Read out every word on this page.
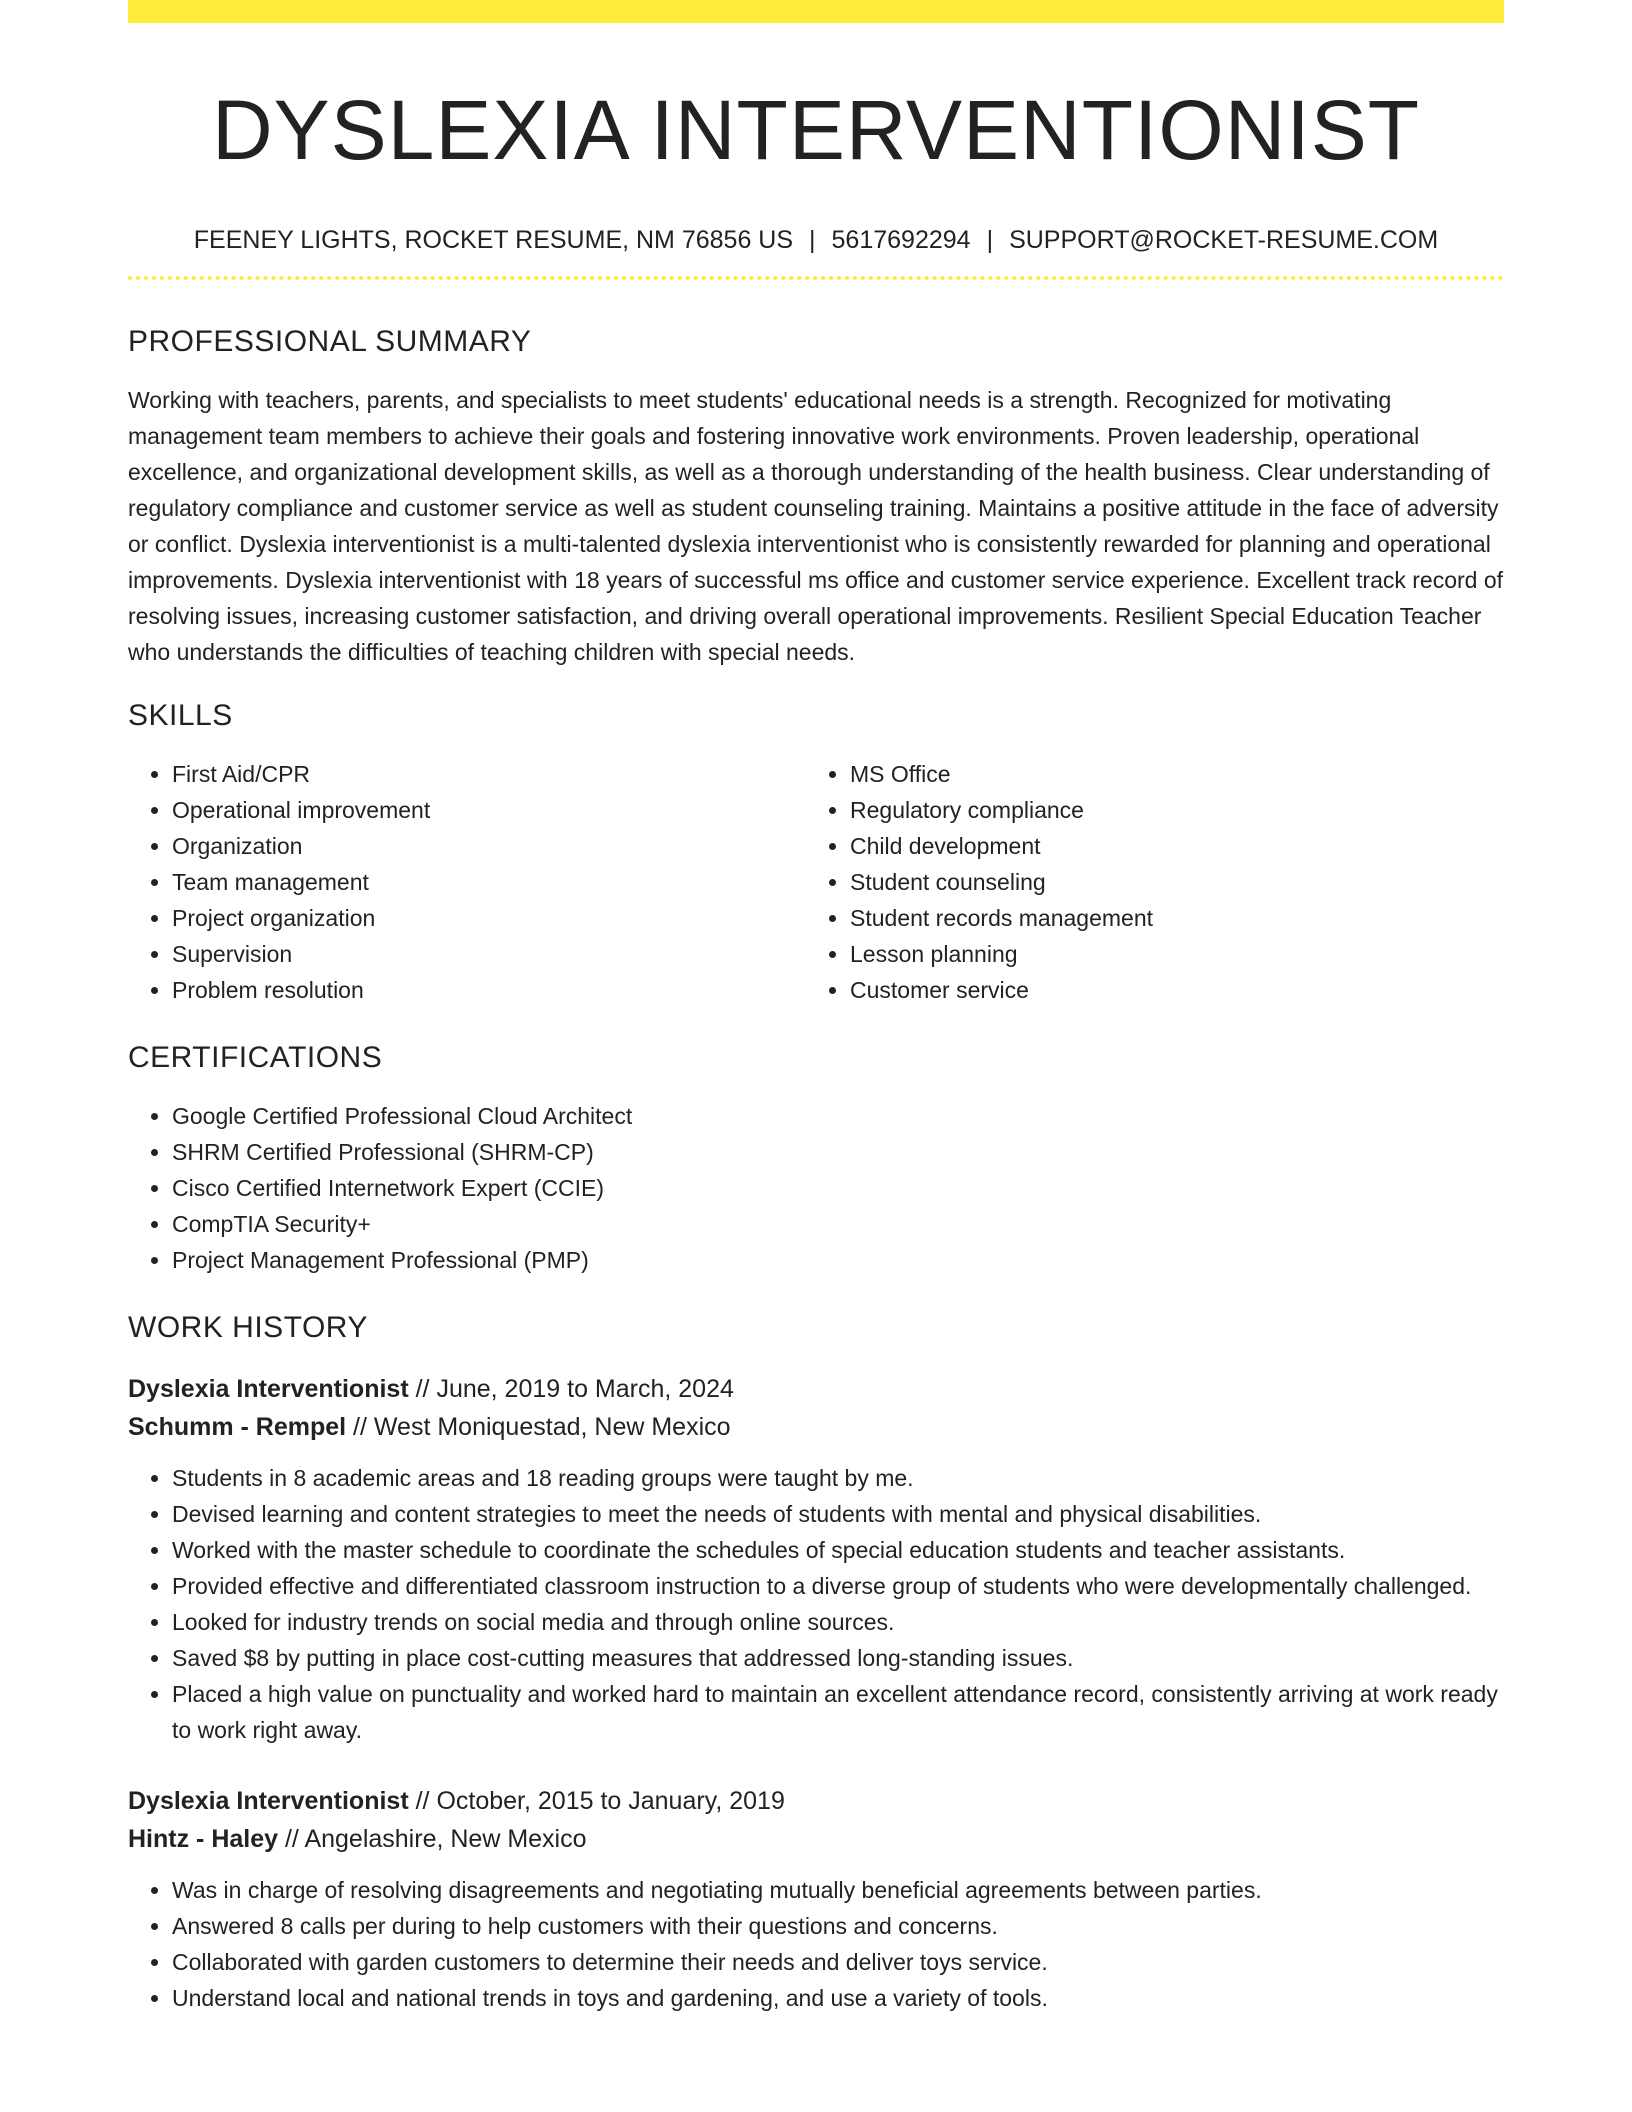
DYSLEXIA INTERVENTIONIST
FEENEY LIGHTS, ROCKET RESUME, NM 76856 US | 5617692294 | SUPPORT@ROCKET-RESUME.COM
PROFESSIONAL SUMMARY

Working with teachers, parents, and specialists to meet students' educational needs is a strength. Recognized for motivating management team members to achieve their goals and fostering innovative work environments. Proven leadership, operational excellence, and organizational development skills, as well as a thorough understanding of the health business. Clear understanding of regulatory compliance and customer service as well as student counseling training. Maintains a positive attitude in the face of adversity or conflict. Dyslexia interventionist is a multi-talented dyslexia interventionist who is consistently rewarded for planning and operational improvements. Dyslexia interventionist with 18 years of successful ms office and customer service experience. Excellent track record of resolving issues, increasing customer satisfaction, and driving overall operational improvements. Resilient Special Education Teacher who understands the difficulties of teaching children with special needs.

SKILLS
• First Aid/CPR
• Operational improvement
• Organization
• Team management
• Project organization
• Supervision
• Problem resolution
• MS Office
• Regulatory compliance
• Child development
• Student counseling
• Student records management
• Lesson planning
• Customer service
CERTIFICATIONS
• Google Certified Professional Cloud Architect
• SHRM Certified Professional (SHRM-CP)
• Cisco Certified Internetwork Expert (CCIE)
• CompTIA Security+
• Project Management Professional (PMP)
WORK HISTORY
Dyslexia Interventionist // June, 2019 to March, 2024
Schumm - Rempel // West Moniquestad, New Mexico
• Students in 8 academic areas and 18 reading groups were taught by me.
• Devised learning and content strategies to meet the needs of students with mental and physical disabilities.
• Worked with the master schedule to coordinate the schedules of special education students and teacher assistants.
• Provided effective and differentiated classroom instruction to a diverse group of students who were developmentally challenged.
• Looked for industry trends on social media and through online sources.
• Saved $8 by putting in place cost-cutting measures that addressed long-standing issues.
• Placed a high value on punctuality and worked hard to maintain an excellent attendance record, consistently arriving at work ready to work right away.
Dyslexia Interventionist // October, 2015 to January, 2019
Hintz - Haley // Angelashire, New Mexico
• Was in charge of resolving disagreements and negotiating mutually beneficial agreements between parties.
• Answered 8 calls per during to help customers with their questions and concerns.
• Collaborated with garden customers to determine their needs and deliver toys service.
• Understand local and national trends in toys and gardening, and use a variety of tools.
